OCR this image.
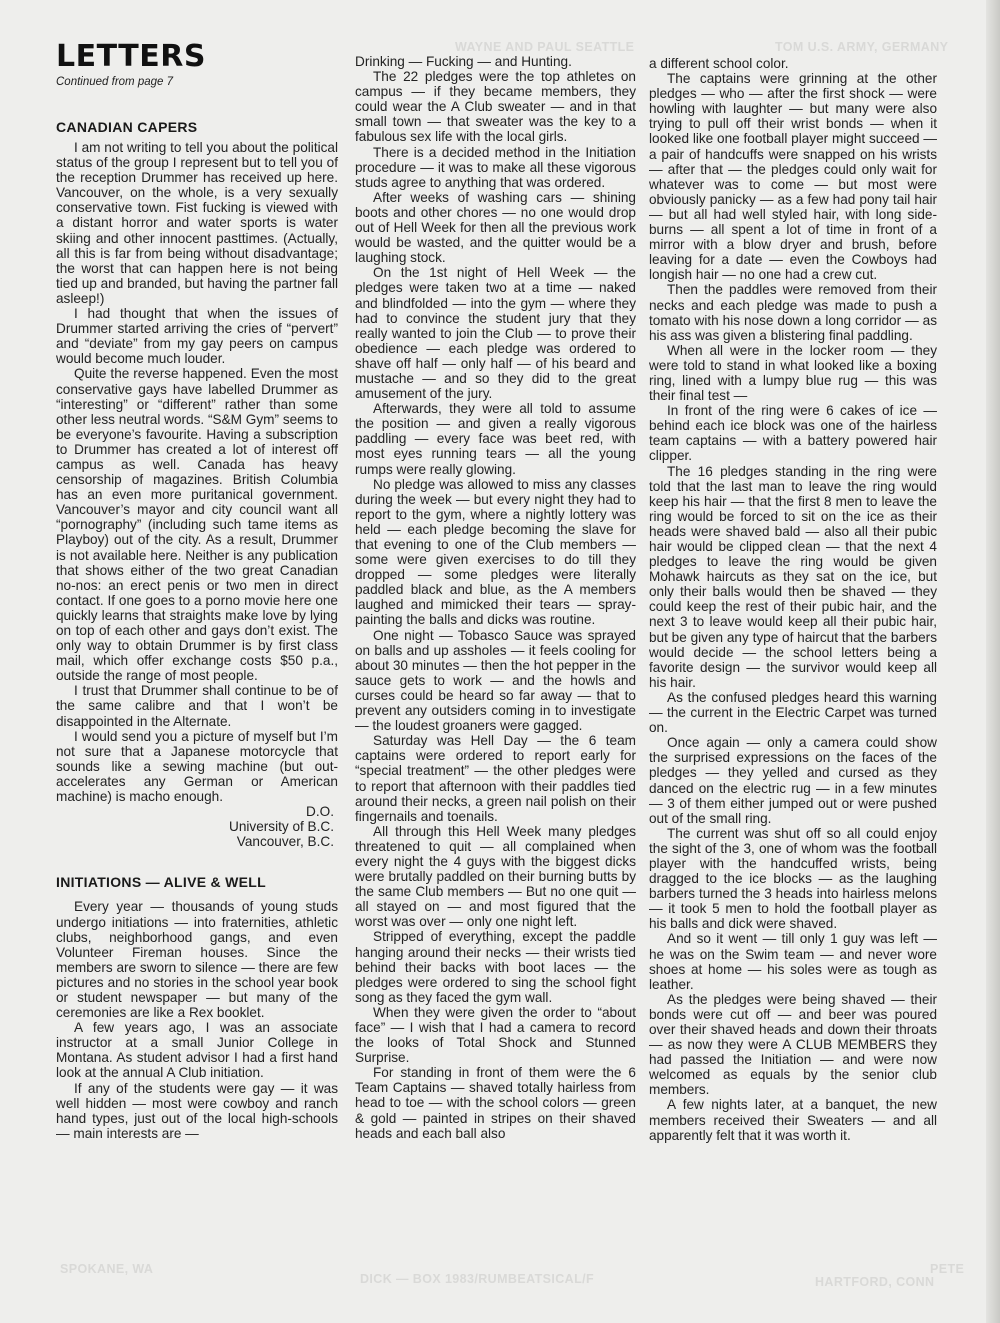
WAYNE AND PAUL SEATTLE	TOM U.S. ARMY, GERMANY
SPOKANE, WA
DICK — BOX 1983/RUMBEATSICAL/F
PETE
HARTFORD, CONN
LETTERS
Continued from page 7
CANADIAN CAPERS

I am not writing to tell you about the political status of the group I represent but to tell you of the reception Drummer has received up here. Vancouver, on the whole, is a very sexually conservative town. Fist fucking is viewed with a distant horror and water sports is water skiing and other innocent pasttimes. (Actually, all this is far from being without disadvantage; the worst that can happen here is not being tied up and branded, but having the partner fall asleep!)

I had thought that when the issues of Drummer started arriving the cries of “pervert” and “deviate” from my gay peers on campus would become much louder.

Quite the reverse happened. Even the most conservative gays have labelled Drummer as “interesting” or “different” rather than some other less neutral words. “S&M Gym” seems to be everyone’s favourite. Having a subscription to Drummer has created a lot of interest off campus as well. Canada has heavy censorship of magazines. British Columbia has an even more puritanical government. Vancouver’s mayor and city council want all “pornography” (including such tame items as Playboy) out of the city. As a result, Drummer is not available here. Neither is any publication that shows either of the two great Canadian no-nos: an erect penis or two men in direct contact. If one goes to a porno movie here one quickly learns that straights make love by lying on top of each other and gays don’t exist. The only way to obtain Drummer is by first class mail, which offer exchange costs $50 p.a., outside the range of most people.

I trust that Drummer shall continue to be of the same calibre and that I won’t be disappointed in the Alternate.

I would send you a picture of myself but I’m not sure that a Japanese motorcycle that sounds like a sewing machine (but out-accelerates any German or American machine) is macho enough.

D.O.
University of B.C.
Vancouver, B.C.
INITIATIONS — ALIVE & WELL

Every year — thousands of young studs undergo initiations — into fraternities, athletic clubs, neighborhood gangs, and even Volunteer Fireman houses. Since the members are sworn to silence — there are few pictures and no stories in the school year book or student newspaper — but many of the ceremonies are like a Rex booklet.

A few years ago, I was an associate instructor at a small Junior College in Montana. As student advisor I had a first hand look at the annual A Club initiation.

If any of the students were gay — it was well hidden — most were cowboy and ranch hand types, just out of the local high-schools — main interests are —

Drinking — Fucking — and Hunting.

The 22 pledges were the top athletes on campus — if they became members, they could wear the A Club sweater — and in that small town — that sweater was the key to a fabulous sex life with the local girls.

There is a decided method in the Initiation procedure — it was to make all these vigorous studs agree to anything that was ordered.

After weeks of washing cars — shining boots and other chores — no one would drop out of Hell Week for then all the previous work would be wasted, and the quitter would be a laughing stock.

On the 1st night of Hell Week — the pledges were taken two at a time — naked and blindfolded — into the gym — where they had to convince the student jury that they really wanted to join the Club — to prove their obedience — each pledge was ordered to shave off half — only half — of his beard and mustache — and so they did to the great amusement of the jury.

Afterwards, they were all told to assume the position — and given a really vigorous paddling — every face was beet red, with most eyes running tears — all the young rumps were really glowing.

No pledge was allowed to miss any classes during the week — but every night they had to report to the gym, where a nightly lottery was held — each pledge becoming the slave for that evening to one of the Club members — some were given exercises to do till they dropped — some pledges were literally paddled black and blue, as the A members laughed and mimicked their tears — spray-painting the balls and dicks was routine.

One night — Tobasco Sauce was sprayed on balls and up assholes — it feels cooling for about 30 minutes — then the hot pepper in the sauce gets to work — and the howls and curses could be heard so far away — that to prevent any outsiders coming in to investigate — the loudest groaners were gagged.

Saturday was Hell Day — the 6 team captains were ordered to report early for “special treatment” — the other pledges were to report that afternoon with their paddles tied around their necks, a green nail polish on their fingernails and toenails.

All through this Hell Week many pledges threatened to quit — all complained when every night the 4 guys with the biggest dicks were brutally paddled on their burning butts by the same Club members — But no one quit — all stayed on — and most figured that the worst was over — only one night left.

Stripped of everything, except the paddle hanging around their necks — their wrists tied behind their backs with boot laces — the pledges were ordered to sing the school fight song as they faced the gym wall.

When they were given the order to “about face” — I wish that I had a camera to record the looks of Total Shock and Stunned Surprise.

For standing in front of them were the 6 Team Captains — shaved totally hairless from head to toe — with the school colors — green & gold — painted in stripes on their shaved heads and each ball also

a different school color.

The captains were grinning at the other pledges — who — after the first shock — were howling with laughter — but many were also trying to pull off their wrist bonds — when it looked like one football player might succeed — a pair of handcuffs were snapped on his wrists — after that — the pledges could only wait for whatever was to come — but most were obviously panicky — as a few had pony tail hair — but all had well styled hair, with long side-burns — all spent a lot of time in front of a mirror with a blow dryer and brush, before leaving for a date — even the Cowboys had longish hair — no one had a crew cut.

Then the paddles were removed from their necks and each pledge was made to push a tomato with his nose down a long corridor — as his ass was given a blistering final paddling.

When all were in the locker room — they were told to stand in what looked like a boxing ring, lined with a lumpy blue rug — this was their final test —

In front of the ring were 6 cakes of ice — behind each ice block was one of the hairless team captains — with a battery powered hair clipper.

The 16 pledges standing in the ring were told that the last man to leave the ring would keep his hair — that the first 8 men to leave the ring would be forced to sit on the ice as their heads were shaved bald — also all their pubic hair would be clipped clean — that the next 4 pledges to leave the ring would be given Mohawk haircuts as they sat on the ice, but only their balls would then be shaved — they could keep the rest of their pubic hair, and the next 3 to leave would keep all their pubic hair, but be given any type of haircut that the barbers would decide — the school letters being a favorite design — the survivor would keep all his hair.

As the confused pledges heard this warning — the current in the Electric Carpet was turned on.

Once again — only a camera could show the surprised expressions on the faces of the pledges — they yelled and cursed as they danced on the electric rug — in a few minutes — 3 of them either jumped out or were pushed out of the small ring.

The current was shut off so all could enjoy the sight of the 3, one of whom was the football player with the handcuffed wrists, being dragged to the ice blocks — as the laughing barbers turned the 3 heads into hairless melons — it took 5 men to hold the football player as his balls and dick were shaved.

And so it went — till only 1 guy was left — he was on the Swim team — and never wore shoes at home — his soles were as tough as leather.

As the pledges were being shaved — their bonds were cut off — and beer was poured over their shaved heads and down their throats — as now they were A CLUB MEMBERS they had passed the Initiation — and were now welcomed as equals by the senior club members.

A few nights later, at a banquet, the new members received their Sweaters — and all apparently felt that it was worth it.
